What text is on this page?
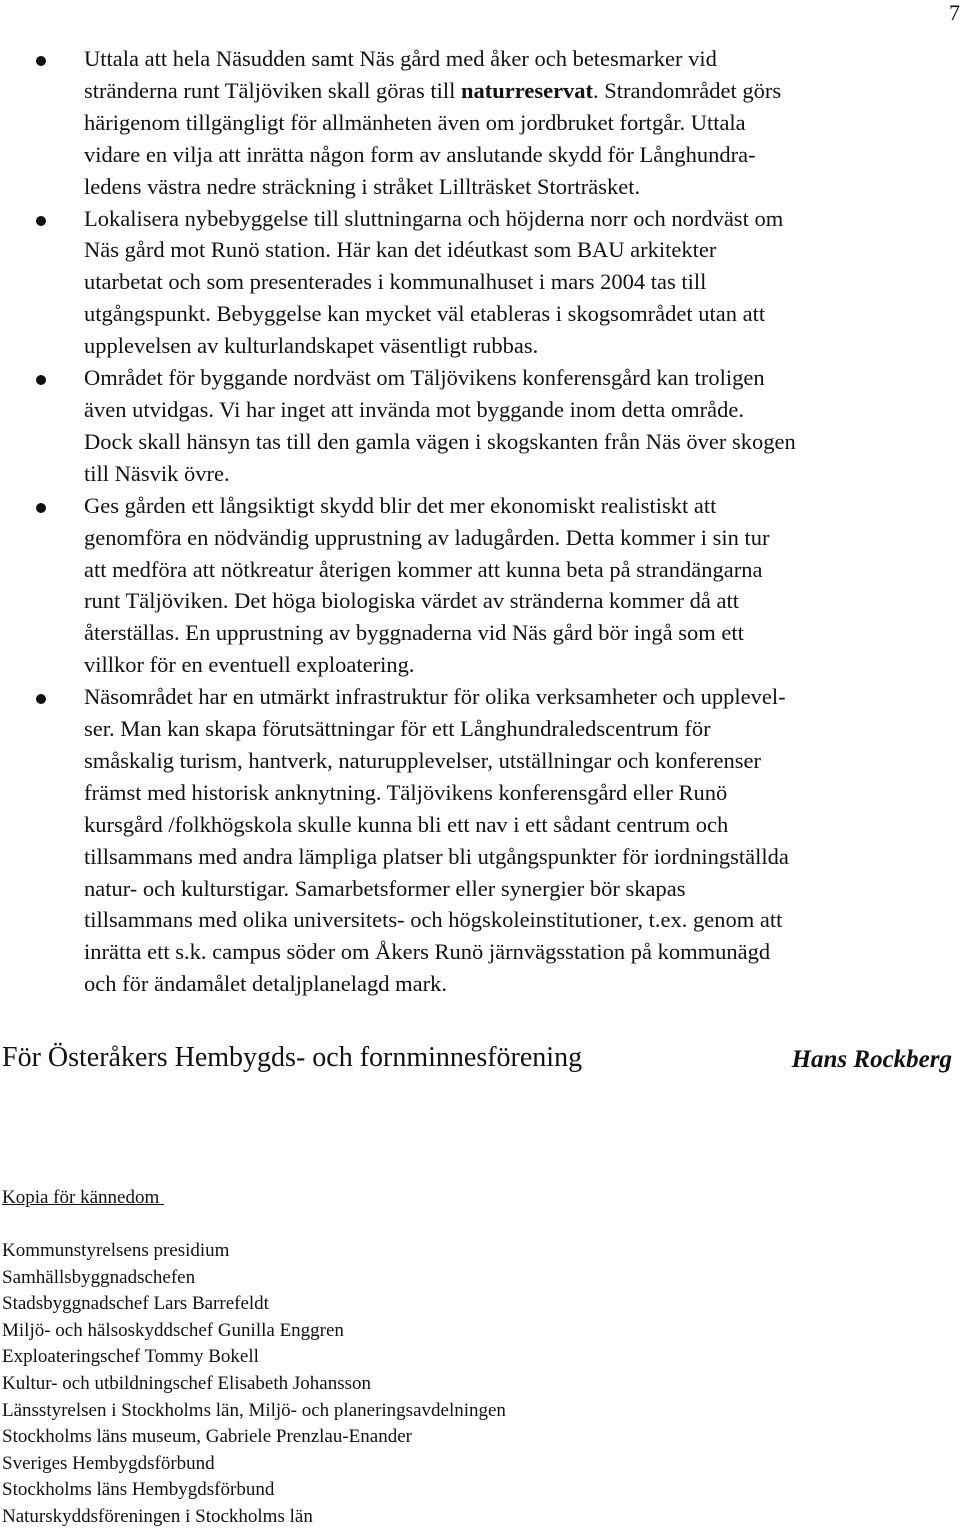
7
Uttala att hela Näsudden samt Näs gård med åker och betesmarker vid
stränderna runt Täljöviken skall göras till naturreservat. Strandområdet görs
härigenom tillgängligt för allmänheten även om jordbruket fortgår. Uttala
vidare en vilja att inrätta någon form av anslutande skydd för Långhundra-
ledens västra nedre sträckning i stråket Lillträsket Storträsket.
Lokalisera nybebyggelse till sluttningarna och höjderna norr och nordväst om
Näs gård mot Runö station. Här kan det idéutkast som BAU arkitekter
utarbetat och som presenterades i kommunalhuset i mars 2004 tas till
utgångspunkt. Bebyggelse kan mycket väl etableras i skogsområdet utan att
upplevelsen av kulturlandskapet väsentligt rubbas.
Området för byggande nordväst om Täljövikens konferensgård kan troligen
även utvidgas. Vi har inget att invända mot byggande inom detta område.
Dock skall hänsyn tas till den gamla vägen i skogskanten från Näs över skogen
till Näsvik övre.
Ges gården ett långsiktigt skydd blir det mer ekonomiskt realistiskt att
genomföra en nödvändig upprustning av ladugården. Detta kommer i sin tur
att medföra att nötkreatur återigen kommer att kunna beta på strandängarna
runt Täljöviken. Det höga biologiska värdet av stränderna kommer då att
återställas. En upprustning av byggnaderna vid Näs gård bör ingå som ett
villkor för en eventuell exploatering.
Näsområdet har en utmärkt infrastruktur för olika verksamheter och upplevel-
ser. Man kan skapa förutsättningar för ett Långhundraledscentrum för
småskalig turism, hantverk, naturupplevelser, utställningar och konferenser
främst med historisk anknytning. Täljövikens konferensgård eller Runö
kursgård /folkhögskola skulle kunna bli ett nav i ett sådant centrum och
tillsammans med andra lämpliga platser bli utgångspunkter för iordningställda
natur- och kulturstigar. Samarbetsformer eller synergier bör skapas
tillsammans med olika universitets- och högskoleinstitutioner, t.ex. genom att
inrätta ett s.k. campus söder om Åkers Runö järnvägsstation på kommunägd
och för ändamålet detaljplanelagd mark.
För Österåkers Hembygds- och fornminnesförening	Hans Rockberg
Kopia för kännedom
Kommunstyrelsens presidium
Samhällsbyggnadschefen
Stadsbyggnadschef Lars Barrefeldt
Miljö- och hälsoskyddschef Gunilla Enggren
Exploateringschef Tommy Bokell
Kultur- och utbildningschef Elisabeth Johansson
Länsstyrelsen i Stockholms län, Miljö- och planeringsavdelningen
Stockholms läns museum, Gabriele Prenzlau-Enander
Sveriges Hembygdsförbund
Stockholms läns Hembygdsförbund
Naturskyddsföreningen i Stockholms län
